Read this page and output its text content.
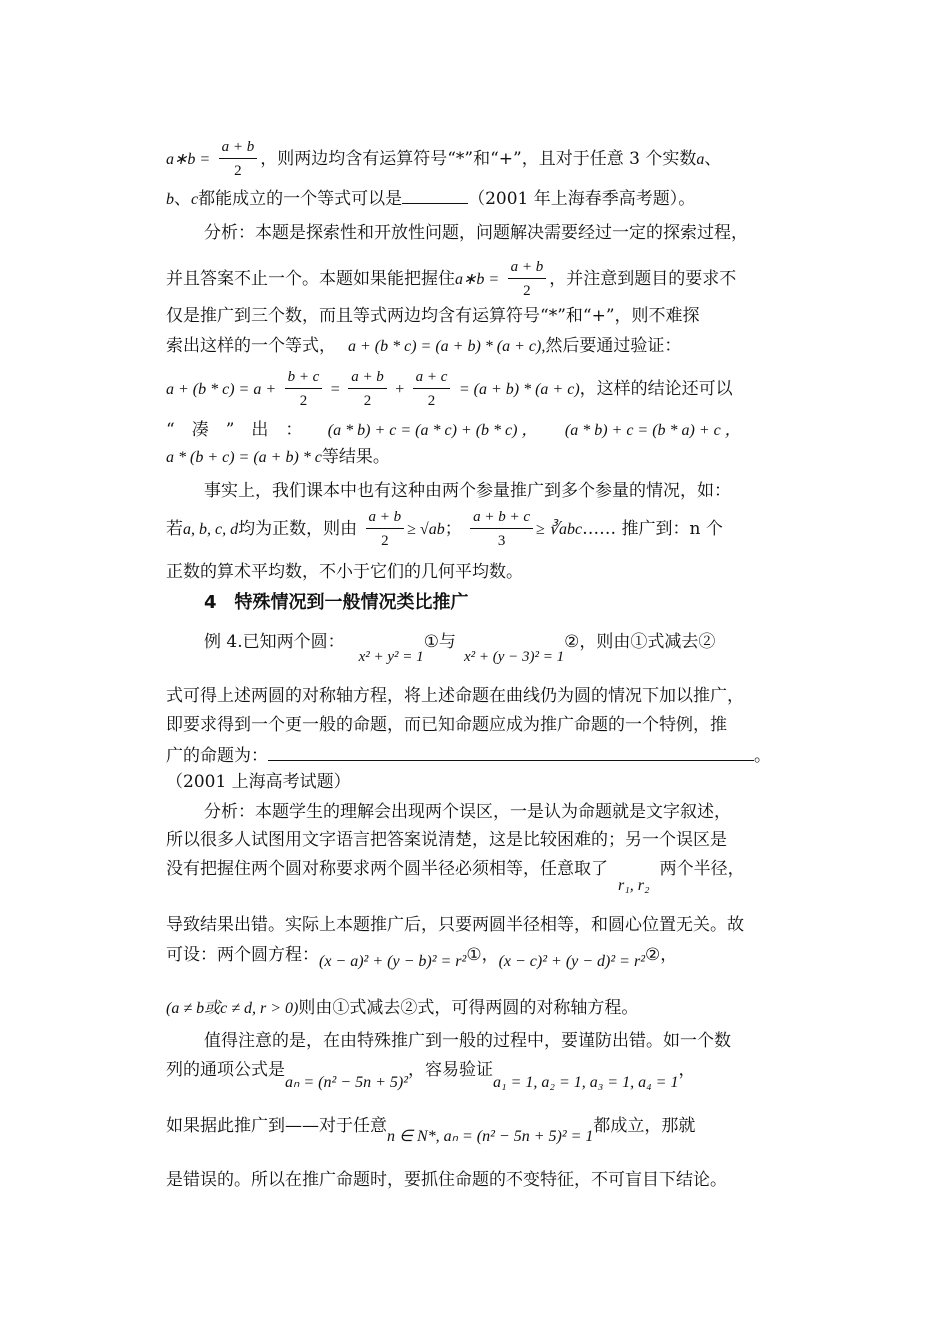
a∗b = $\frac{a + b}{2}$ ，则两边均含有运算符号“*”和“+”，且对于任意 3 个实数a、
b、c都能成立的一个等式可以是	（2001 年上海春季高考题）。
分析：本题是探索性和开放性问题，问题解决需要经过一定的探索过程，
并且答案不止一个。本题如果能把握住a∗b = $\frac{a + b}{2}$ ，并注意到题目的要求不
仅是推广到三个数，而且等式两边均含有运算符号“*”和“+”，则不难探
索出这样的一个等式， a + (b * c) = (a + b) * (a + c),然后要通过验证：
$a + (b * c) = a + \frac{b + c}{2} = \frac{a + b}{2} + \frac{a + c}{2} = (a + b) * (a + c)$，这样的结论还可以
“　凑　”　出　： (a * b) + c = (a * c) + (b * c) ， (a * b) + c = (b * a) + c ，
a * (b + c) = (a + b) * c等结果。
事实上，我们课本中也有这种由两个参量推广到多个参量的情况，如：
若a, b, c, d均为正数，则由 $\frac{a + b}{2} \ge √ab$； $\frac{a + b + c}{3}$ ≥ ∛abc…… 推广到：n 个
正数的算术平均数，不小于它们的几何平均数。
4　特殊情况到一般情况类比推广
例 4.已知两个圆：x² + y² = 1①与x² + (y − 3)² = 1②，则由①式减去②
式可得上述两圆的对称轴方程，将上述命题在曲线仍为圆的情况下加以推广，
即要求得到一个更一般的命题，而已知命题应成为推广命题的一个特例，推
广的命题为：	。
（2001 上海高考试题）
分析：本题学生的理解会出现两个误区，一是认为命题就是文字叙述，
所以很多人试图用文字语言把答案说清楚，这是比较困难的；另一个误区是
没有把握住两个圆对称要求两个圆半径必须相等，任意取了r₁, r₂两个半径，
导致结果出错。实际上本题推广后，只要两圆半径相等，和圆心位置无关。故
可设：两个圆方程：(x − a)² + (y − b)² = r²①，(x − c)² + (y − d)² = r²②，
(a ≠ b或c ≠ d, r > 0)则由①式减去②式，可得两圆的对称轴方程。
值得注意的是，在由特殊推广到一般的过程中，要谨防出错。如一个数
列的通项公式是aₙ = (n² − 5n + 5)²，容易验证a₁ = 1, a₂ = 1, a₃ = 1, a₄ = 1，
如果据此推广到——对于任意n ∈ N*, aₙ = (n² − 5n + 5)² = 1都成立，那就
是错误的。所以在推广命题时，要抓住命题的不变特征，不可盲目下结论。
